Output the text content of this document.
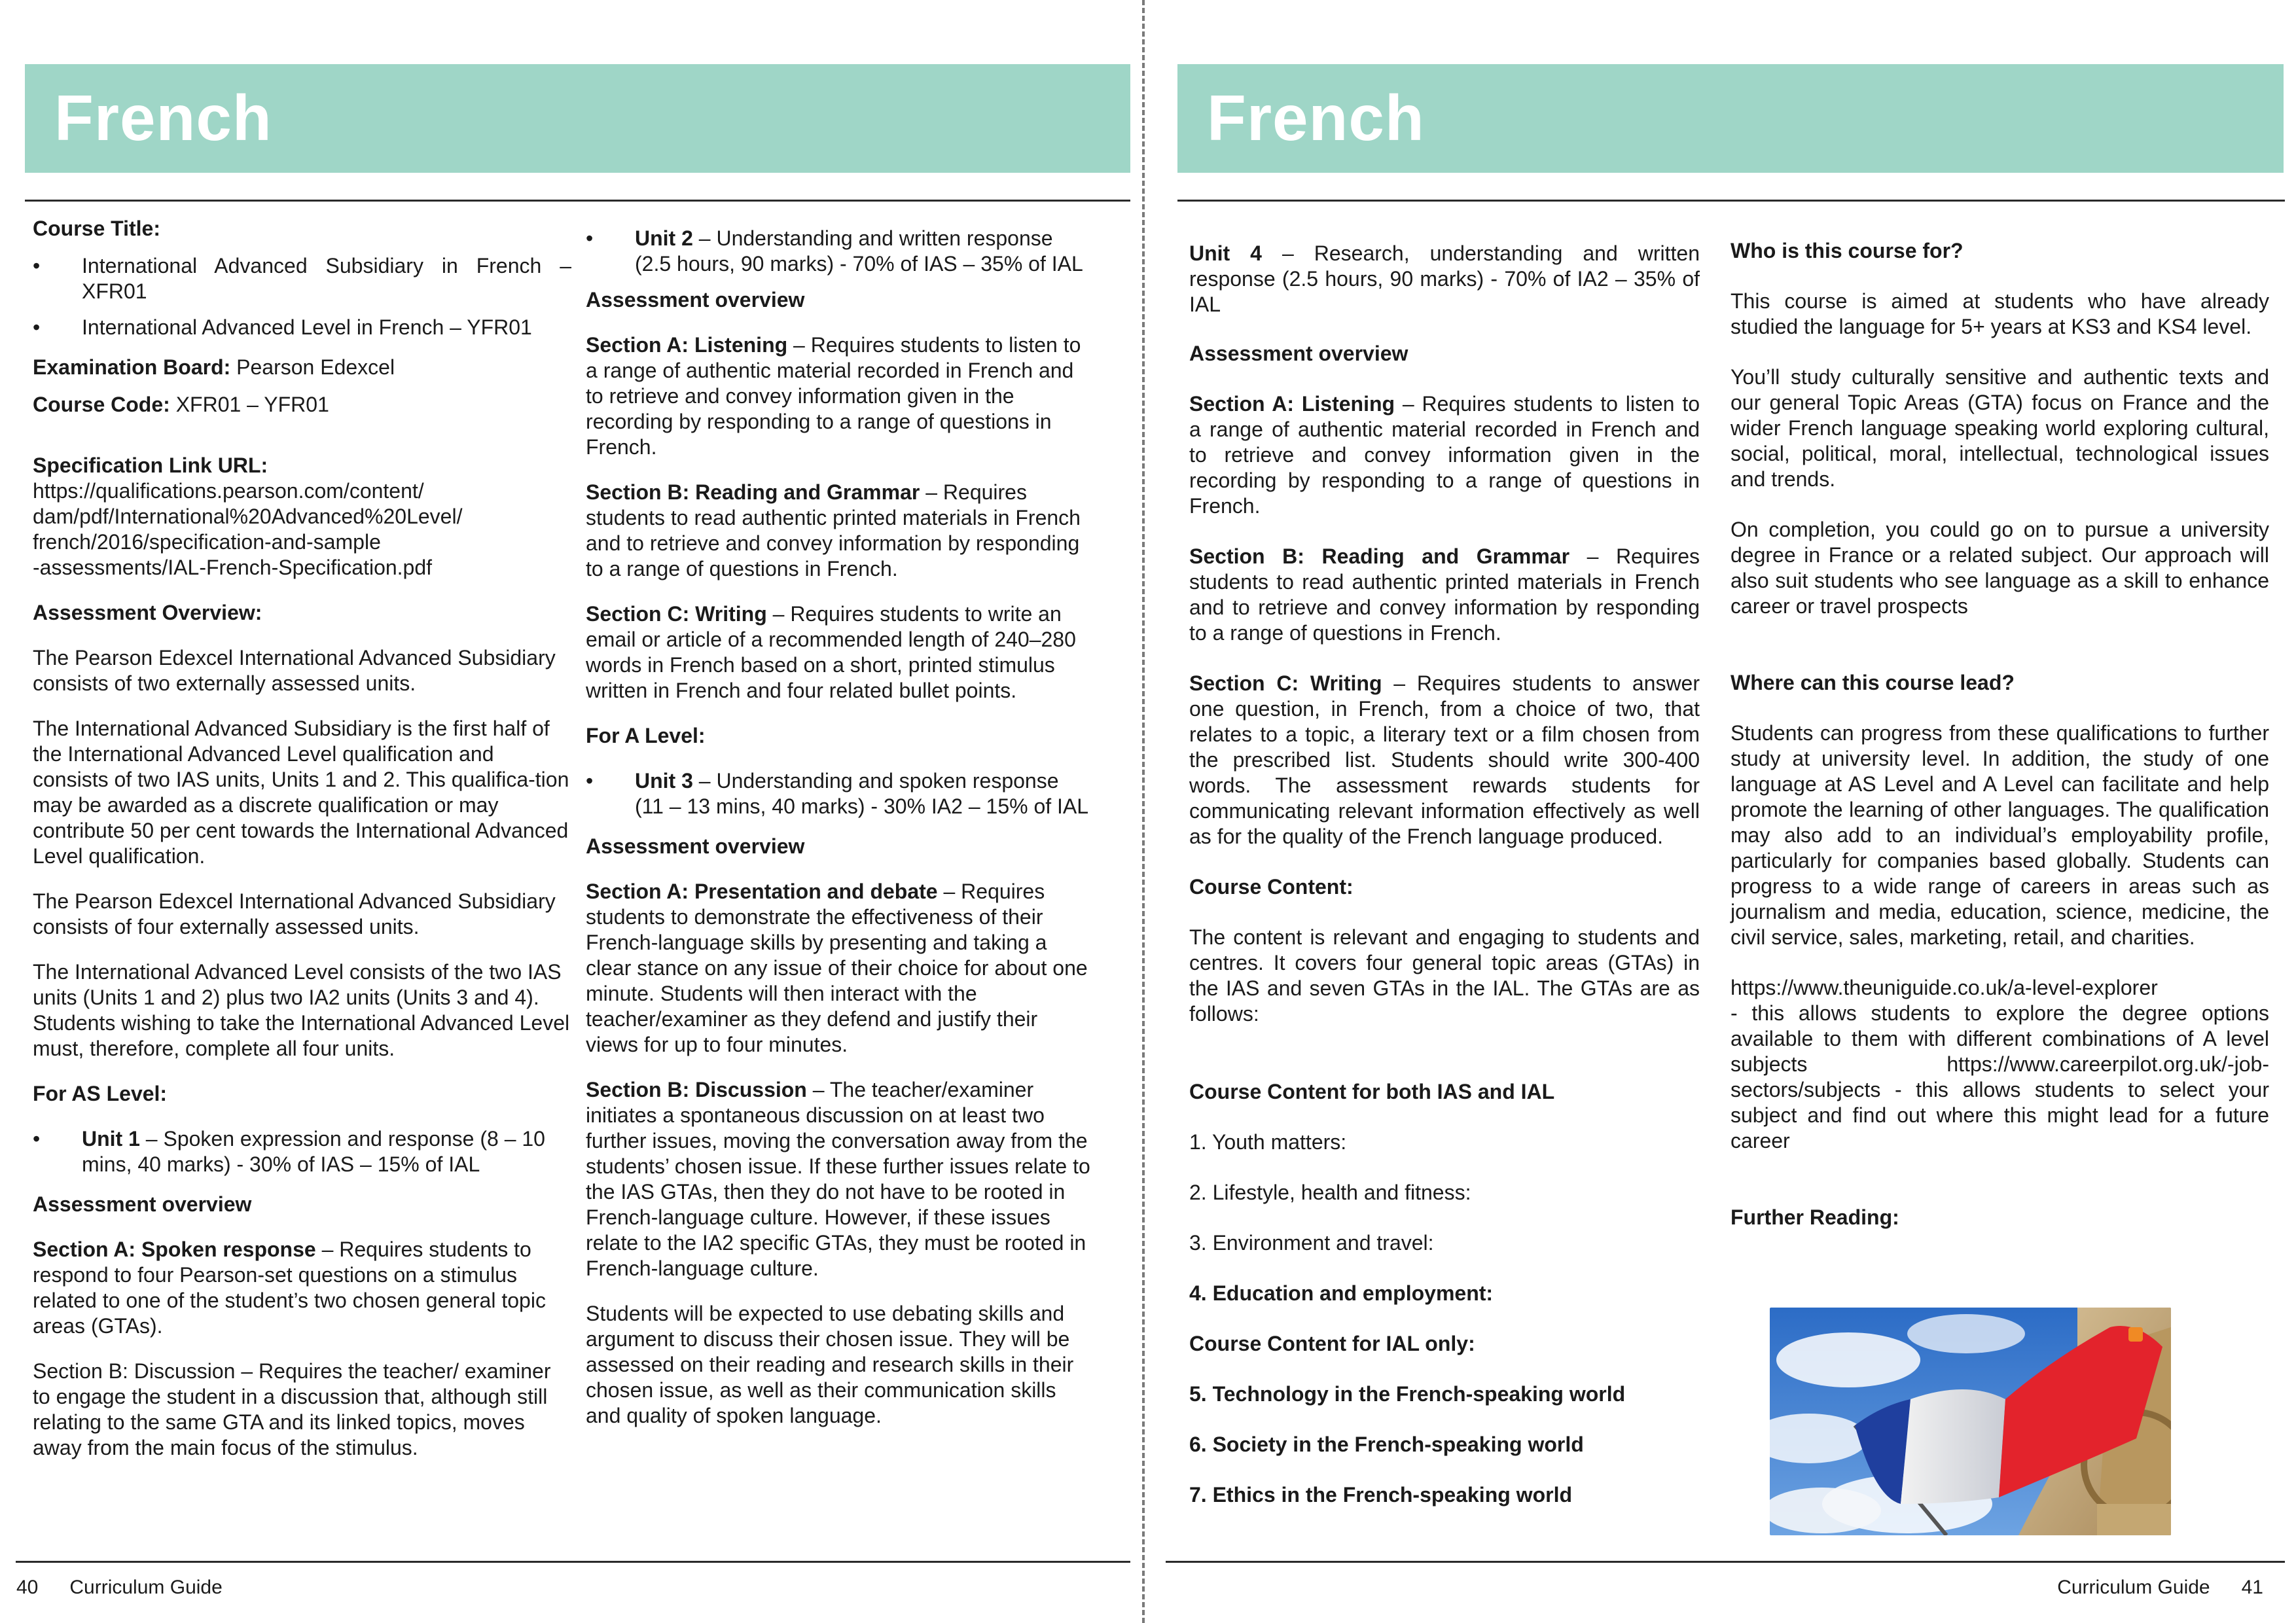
French

Course Title:

• International Advanced Subsidiary in French – XFR01
• International Advanced Level in French – YFR01

Examination Board: Pearson Edexcel

Course Code: XFR01 – YFR01

Specification Link URL:

https://qualifications.pearson.com/content/
dam/pdf/International%20Advanced%20Level/
french/2016/specification-and-sample
-assessments/IAL-French-Specification.pdf

Assessment Overview:

The Pearson Edexcel International Advanced Subsidiary consists of two externally assessed units.

The International Advanced Subsidiary is the first half of the International Advanced Level qualification and consists of two IAS units, Units 1 and 2. This qualifica-tion may be awarded as a discrete qualification or may contribute 50 per cent towards the International Advanced Level qualification.

The Pearson Edexcel International Advanced Subsidiary consists of four externally assessed units.

The International Advanced Level consists of the two IAS units (Units 1 and 2) plus two IA2 units (Units 3 and 4). Students wishing to take the International Advanced Level must, therefore, complete all four units.

For AS Level:

• Unit 1 – Spoken expression and response (8 – 10 mins, 40 marks) - 30% of IAS – 15% of IAL

Assessment overview

Section A: Spoken response – Requires students to respond to four Pearson-set questions on a stimulus related to one of the student’s two chosen general topic areas (GTAs).

Section B: Discussion – Requires the teacher/ examiner to engage the student in a discussion that, although still relating to the same GTA and its linked topics, moves away from the main focus of the stimulus.

• Unit 2 – Understanding and written response (2.5 hours, 90 marks) - 70% of IAS – 35% of IAL

Assessment overview

Section A: Listening – Requires students to listen to a range of authentic material recorded in French and to retrieve and convey information given in the recording by responding to a range of questions in French.

Section B: Reading and Grammar – Requires students to read authentic printed materials in French and to retrieve and convey information by responding to a range of questions in French.

Section C: Writing – Requires students to write an email or article of a recommended length of 240–280 words in French based on a short, printed stimulus written in French and four related bullet points.

For A Level:

• Unit 3 – Understanding and spoken response (11 – 13 mins, 40 marks) - 30% IA2 – 15% of IAL

Assessment overview

Section A: Presentation and debate – Requires students to demonstrate the effectiveness of their French-language skills by presenting and taking a clear stance on any issue of their choice for about one minute. Students will then interact with the teacher/examiner as they defend and justify their views for up to four minutes.

Section B: Discussion – The teacher/examiner initiates a spontaneous discussion on at least two further issues, moving the conversation away from the students’ chosen issue. If these further issues relate to the IAS GTAs, then they do not have to be rooted in French-language culture. However, if these issues relate to the IA2 specific GTAs, they must be rooted in French-language culture.

Students will be expected to use debating skills and argument to discuss their chosen issue. They will be assessed on their reading and research skills in their chosen issue, as well as their communication skills and quality of spoken language.

40 Curriculum Guide
French

Unit 4 – Research, understanding and written response (2.5 hours, 90 marks) - 70% of IA2 – 35% of IAL

Assessment overview

Section A: Listening – Requires students to listen to a range of authentic material recorded in French and to retrieve and convey information given in the recording by responding to a range of questions in French.

Section B: Reading and Grammar – Requires students to read authentic printed materials in French and to retrieve and convey information by responding to a range of questions in French.

Section C: Writing – Requires students to answer one question, in French, from a choice of two, that relates to a topic, a literary text or a film chosen from the prescribed list. Students should write 300-400 words. The assessment rewards students for communicating relevant information effectively as well as for the quality of the French language produced.

Course Content:

The content is relevant and engaging to students and centres. It covers four general topic areas (GTAs) in the IAS and seven GTAs in the IAL. The GTAs are as follows:

Course Content for both IAS and IAL

1. Youth matters:

2. Lifestyle, health and fitness:

3. Environment and travel:

4. Education and employment:

Course Content for IAL only:

5. Technology in the French-speaking world

6. Society in the French-speaking world

7. Ethics in the French-speaking world

Who is this course for?

This course is aimed at students who have already studied the language for 5+ years at KS3 and KS4 level.

You’ll study culturally sensitive and authentic texts and our general Topic Areas (GTA) focus on France and the wider French language speaking world exploring cultural, social, political, moral, intellectual, technological issues and trends.

On completion, you could go on to pursue a university degree in France or a related subject. Our approach will also suit students who see language as a skill to enhance career or travel prospects

Where can this course lead?

Students can progress from these qualifications to further study at university level. In addition, the study of one language at AS Level and A Level can facilitate and help promote the learning of other languages. The qualification may also add to an individual’s employability profile, particularly for companies based globally. Students can progress to a wide range of careers in areas such as journalism and media, education, science, medicine, the civil service, sales, marketing, retail, and charities.

https://www.theuniguide.co.uk/a-level-explorer

- this allows students to explore the degree options available to them with different combinations of A level subjects https://www.careerpilot.org.uk/-job-sectors/subjects - this allows students to select your subject and find out where this might lead for a future career

Further Reading:

Curriculum Guide 41
